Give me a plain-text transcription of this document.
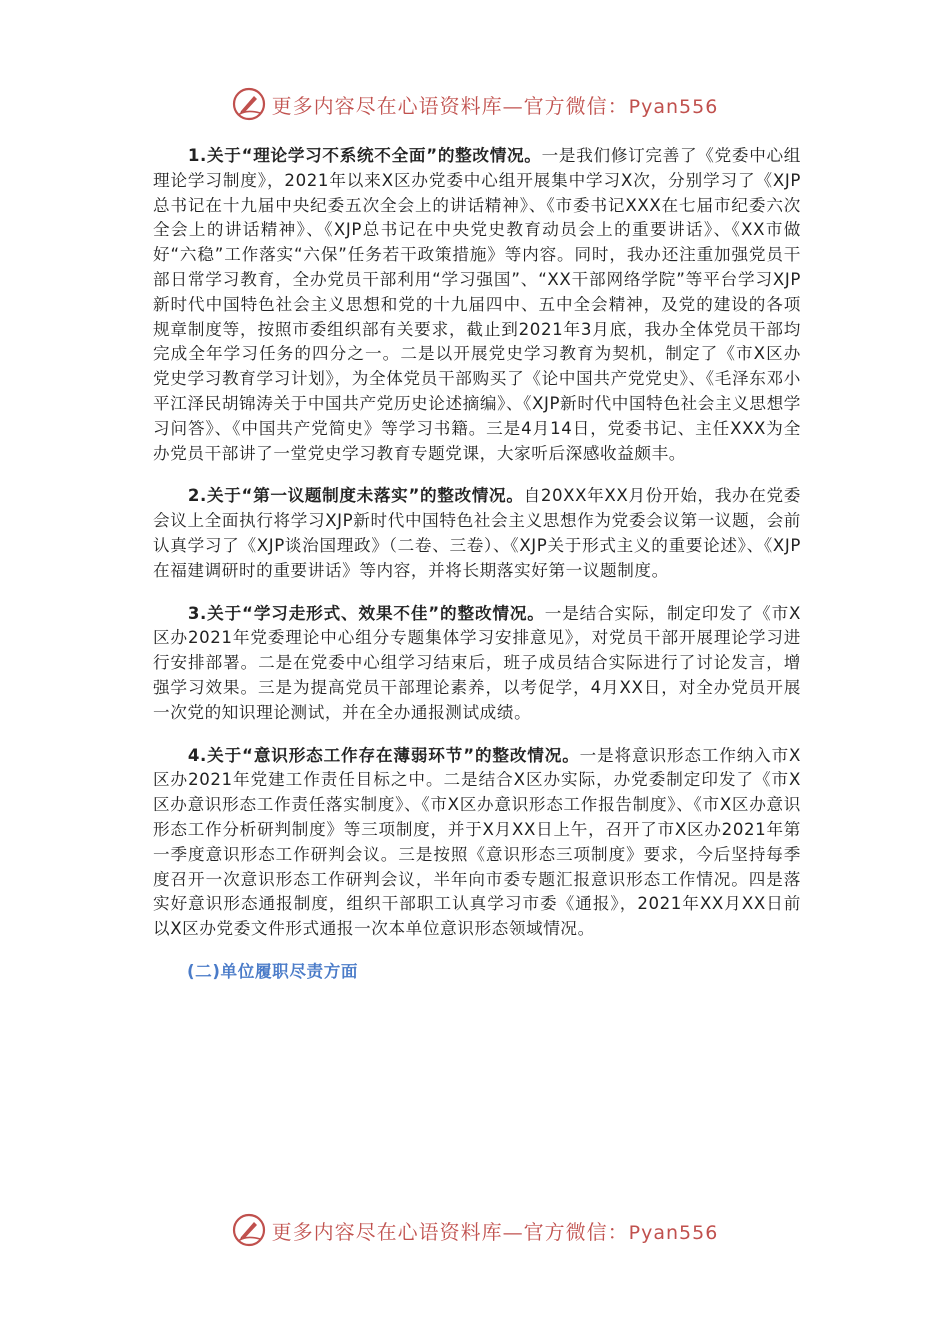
更多内容尽在心语资料库—官方微信：Pyan556

1.关于“理论学习不系统不全面”的整改情况。一是我们修订完善了《党委中心组理论学习制度》，2021年以来X区办党委中心组开展集中学习X次，分别学习了《XJP总书记在十九届中央纪委五次全会上的讲话精神》、《市委书记XXX在七届市纪委六次全会上的讲话精神》、《XJP总书记在中央党史教育动员会上的重要讲话》、《XX市做好“六稳”工作落实“六保”任务若干政策措施》等内容。同时，我办还注重加强党员干部日常学习教育，全办党员干部利用“学习强国”、“XX干部网络学院”等平台学习XJP新时代中国特色社会主义思想和党的十九届四中、五中全会精神，及党的建设的各项规章制度等，按照市委组织部有关要求，截止到2021年3月底，我办全体党员干部均完成全年学习任务的四分之一。二是以开展党史学习教育为契机，制定了《市X区办党史学习教育学习计划》，为全体党员干部购买了《论中国共产党党史》、《毛泽东邓小平江泽民胡锦涛关于中国共产党历史论述摘编》、《XJP新时代中国特色社会主义思想学习问答》、《中国共产党简史》等学习书籍。三是4月14日，党委书记、主任XXX为全办党员干部讲了一堂党史学习教育专题党课，大家听后深感收益颇丰。

2.关于“第一议题制度未落实”的整改情况。自20XX年XX月份开始，我办在党委会议上全面执行将学习XJP新时代中国特色社会主义思想作为党委会议第一议题，会前认真学习了《XJP谈治国理政》（二卷、三卷）、《XJP关于形式主义的重要论述》、《XJP在福建调研时的重要讲话》等内容，并将长期落实好第一议题制度。

3.关于“学习走形式、效果不佳”的整改情况。一是结合实际，制定印发了《市X区办2021年党委理论中心组分专题集体学习安排意见》，对党员干部开展理论学习进行安排部署。二是在党委中心组学习结束后，班子成员结合实际进行了讨论发言，增强学习效果。三是为提高党员干部理论素养，以考促学，4月XX日，对全办党员开展一次党的知识理论测试，并在全办通报测试成绩。

4.关于“意识形态工作存在薄弱环节”的整改情况。一是将意识形态工作纳入市X区办2021年党建工作责任目标之中。二是结合X区办实际，办党委制定印发了《市X区办意识形态工作责任落实制度》、《市X区办意识形态工作报告制度》、《市X区办意识形态工作分析研判制度》等三项制度，并于X月XX日上午，召开了市X区办2021年第一季度意识形态工作研判会议。三是按照《意识形态三项制度》要求，今后坚持每季度召开一次意识形态工作研判会议，半年向市委专题汇报意识形态工作情况。四是落实好意识形态通报制度，组织干部职工认真学习市委《通报》，2021年XX月XX日前以X区办党委文件形式通报一次本单位意识形态领域情况。

(二)单位履职尽责方面

更多内容尽在心语资料库—官方微信：Pyan556
